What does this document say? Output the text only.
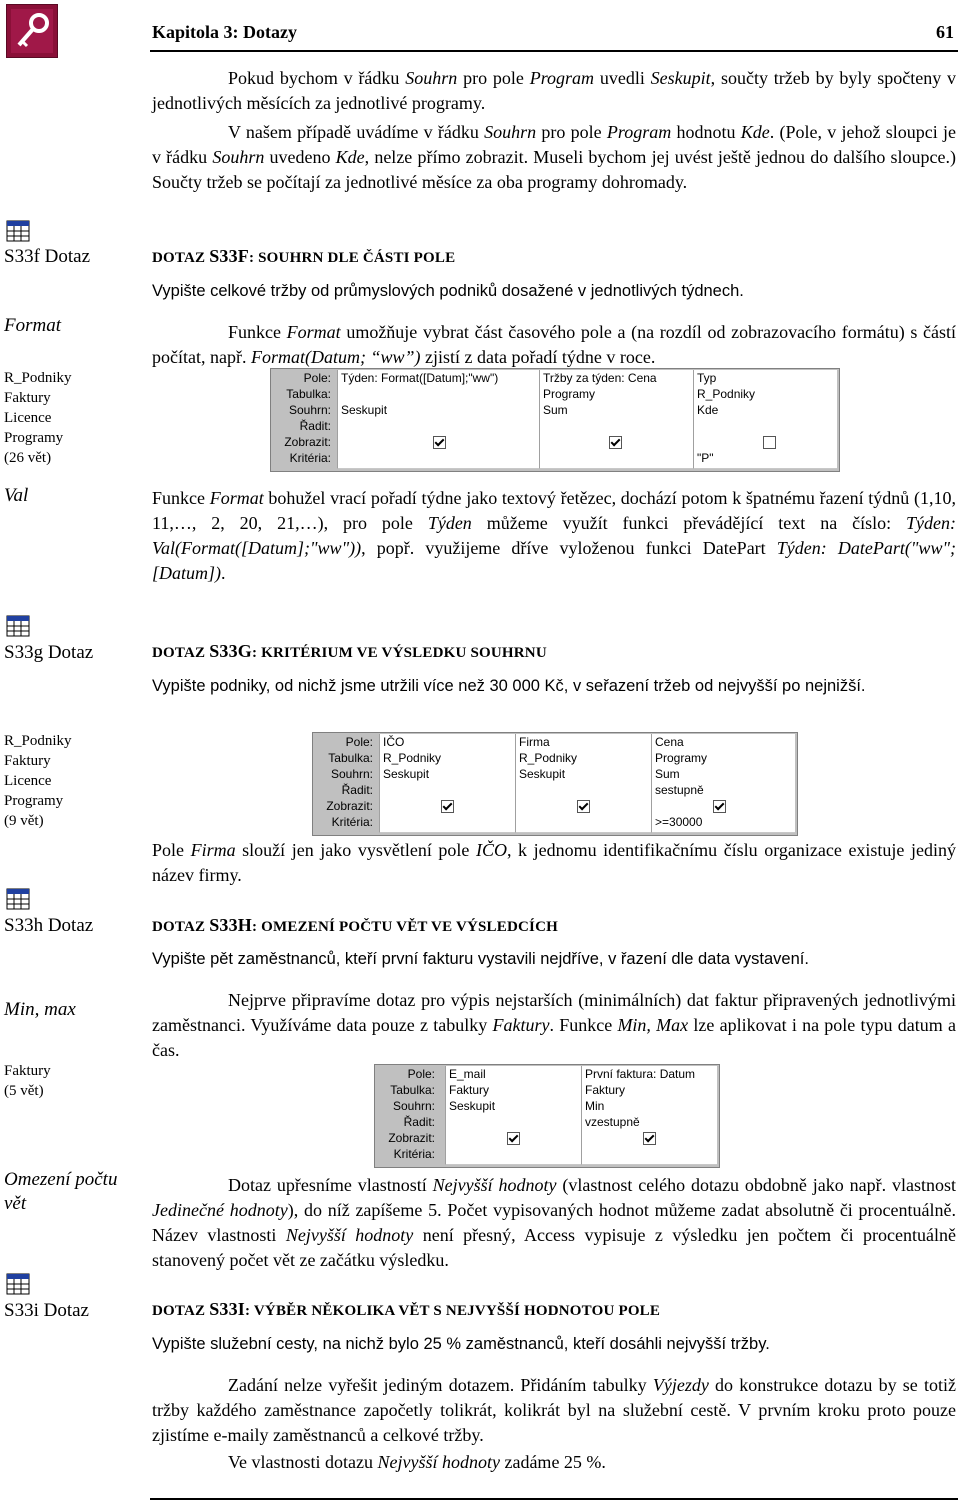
Kapitola 3: Dotazy	61
Pokud bychom v řádku Souhrn pro pole Program uvedli Seskupit, součty tržeb by byly spočteny v jednotlivých měsících za jednotlivé programy.
V našem případě uvádíme v řádku Souhrn pro pole Program hodnotu Kde. (Pole, v jehož sloupci je v řádku Souhrn uvedeno Kde, nelze přímo zobrazit. Museli bychom jej uvést ještě jednou do dalšího sloupce.) Součty tržeb se počítají za jednotlivé měsíce za oba programy dohromady.
S33f Dotaz
Format
R_Podniky
Faktury
Licence
Programy
(26 vět)
Val
DOTAZ S33F: SOUHRN DLE ČÁSTI POLE
Vypište celkové tržby od průmyslových podniků dosažené v jednotlivých týdnech.
Funkce Format umožňuje vybrat část časového pole a (na rozdíl od zobrazovacího formátu) s částí počítat, např. Format(Datum; “ww”) zjistí z data pořadí týdne v roce.
Pole:
Tabulka:
Souhrn:
Řadit:
Zobrazit:
Kritéria:
Týden: Format([Datum];"ww")
Seskupit
Tržby za týden: Cena
Programy
Sum
Typ
R_Podniky
Kde
"P"
Funkce Format bohužel vrací pořadí týdne jako textový řetězec, dochází potom k špatnému řazení týdnů (1,10, 11,…, 2, 20, 21,…), pro pole Týden můžeme využít funkci převádějící text na číslo: Týden: Val(Format([Datum];"ww")), popř. využijeme dříve vyloženou funkci DatePart Týden: DatePart("ww";[Datum]).
S33g Dotaz
R_Podniky
Faktury
Licence
Programy
(9 vět)
DOTAZ S33G: KRITÉRIUM VE VÝSLEDKU SOUHRNU
Vypište podniky, od nichž jsme utržili více než 30 000 Kč, v seřazení tržeb od nejvyšší po nejnižší.
Pole:
Tabulka:
Souhrn:
Řadit:
Zobrazit:
Kritéria:
IČO
R_Podniky
Seskupit
Firma
R_Podniky
Seskupit
Cena
Programy
Sum
sestupně
>=30000
Pole Firma slouží jen jako vysvětlení pole IČO, k jednomu identifikačnímu číslu organizace existuje jediný název firmy.
S33h Dotaz
Min, max
Faktury
(5 vět)
Omezení počtu
vět
DOTAZ S33H: OMEZENÍ POČTU VĚT VE VÝSLEDCÍCH
Vypište pět zaměstnanců, kteří první fakturu vystavili nejdříve, v řazení dle data vystavení.
Nejprve připravíme dotaz pro výpis nejstarších (minimálních) dat faktur připravených jednotlivými zaměstnanci. Využíváme data pouze z tabulky Faktury. Funkce Min, Max lze aplikovat i na pole typu datum a čas.
Pole:
Tabulka:
Souhrn:
Řadit:
Zobrazit:
Kritéria:
E_mail
Faktury
Seskupit
První faktura: Datum
Faktury
Min
vzestupně
Dotaz upřesníme vlastností Nejvyšší hodnoty (vlastnost celého dotazu obdobně jako např. vlastnost Jedinečné hodnoty), do níž zapíšeme 5. Počet vypisovaných hodnot můžeme zadat absolutně či procentuálně. Název vlastnosti Nejvyšší hodnoty není přesný, Access vypisuje z výsledku jen počtem či procentuálně stanovený počet vět ze začátku výsledku.
S33i Dotaz	DOTAZ S33I: VÝBĚR NĚKOLIKA VĚT S NEJVYŠŠÍ HODNOTOU POLE
Vypište služební cesty, na nichž bylo 25 % zaměstnanců, kteří dosáhli nejvyšší tržby.
Zadání nelze vyřešit jediným dotazem. Přidáním tabulky Výjezdy do konstrukce dotazu by se totiž tržby každého zaměstnance započetly tolikrát, kolikrát byl na služební cestě. V prvním kroku proto pouze zjistíme e-maily zaměstnanců a celkové tržby.
Ve vlastnosti dotazu Nejvyšší hodnoty zadáme 25 %.
